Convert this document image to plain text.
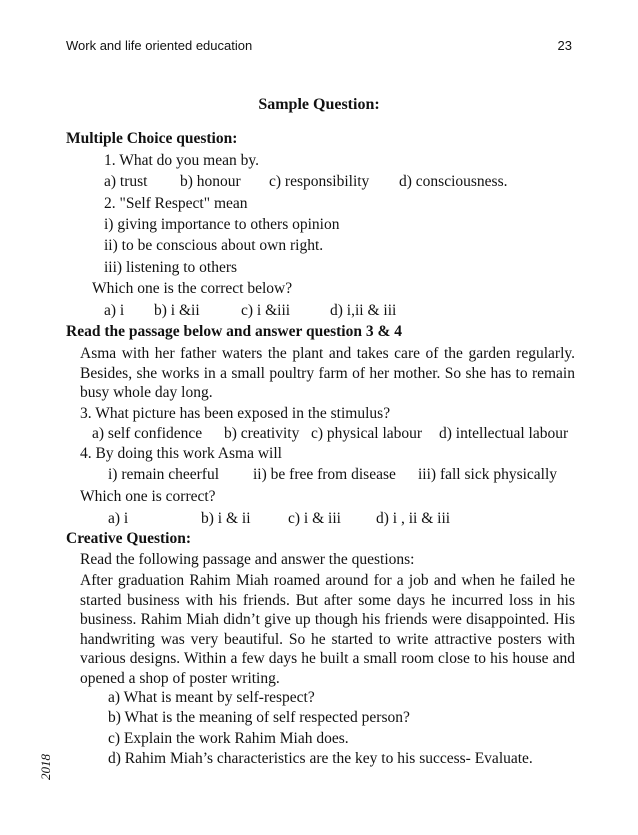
Work and life oriented education	23
Sample Question:
Multiple Choice question:
1. What do you mean by.
a) trust b) honour c) responsibility d) consciousness.
2. "Self Respect" mean
i) giving importance to others opinion
ii) to be conscious about own right.
iii) listening to others
Which one is the correct below?
a) i b) i &ii	c) i &iii	d) i,ii & iii
Read the passage below and answer question 3 & 4
Asma with her father waters the plant and takes care of the garden regularly. Besides, she works in a small poultry farm of her mother. So she has to remain busy whole day long.
3. What picture has been exposed in the stimulus?
a) self confidence b) creativity c) physical labour d) intellectual labour
4. By doing this work Asma will
i) remain cheerful ii) be free from disease iii) fall sick physically
Which one is correct?
a) i	b) i & ii c) i & iii d) i , ii & iii
Creative Question:
Read the following passage and answer the questions:
After graduation Rahim Miah roamed around for a job and when he failed he started business with his friends. But after some days he incurred loss in his business. Rahim Miah didn’t give up though his friends were disappointed. His handwriting was very beautiful. So he started to write attractive posters with various designs. Within a few days he built a small room close to his house and opened a shop of poster writing.
a) What is meant by self-respect?
b) What is the meaning of self respected person?
c) Explain the work Rahim Miah does.
d) Rahim Miah’s characteristics are the key to his success- Evaluate.
2018
